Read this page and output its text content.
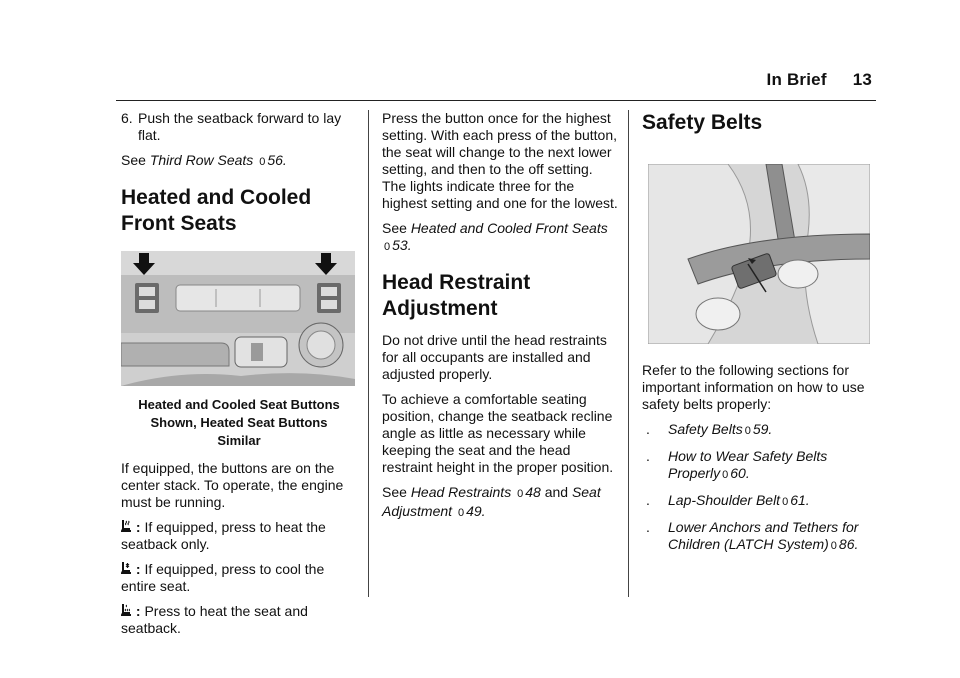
In Brief 13
6. Push the seatback forward to lay flat.

See Third Row Seats 0 56.

Heated and Cooled Front Seats
Heated and Cooled Seat Buttons
Shown, Heated Seat Buttons
Similar

If equipped, the buttons are on the center stack. To operate, the engine must be running.

: If equipped, press to heat the seatback only.

: If equipped, press to cool the entire seat.

: Press to heat the seat and seatback.

Press the button once for the highest setting. With each press of the button, the seat will change to the next lower setting, and then to the off setting. The lights indicate three for the highest setting and one for the lowest.

See Heated and Cooled Front Seats 0 53.

Head Restraint Adjustment

Do not drive until the head restraints for all occupants are installed and adjusted properly.

To achieve a comfortable seating position, change the seatback recline angle as little as necessary while keeping the seat and the head restraint height in the proper position.

See Head Restraints 0 48 and Seat Adjustment 0 49.

Safety Belts

Refer to the following sections for important information on how to use safety belts properly:

.	Safety Belts 0 59.
.	How to Wear Safety Belts Properly 0 60.
.	Lap-Shoulder Belt 0 61.
.	Lower Anchors and Tethers for Children (LATCH System) 0 86.
